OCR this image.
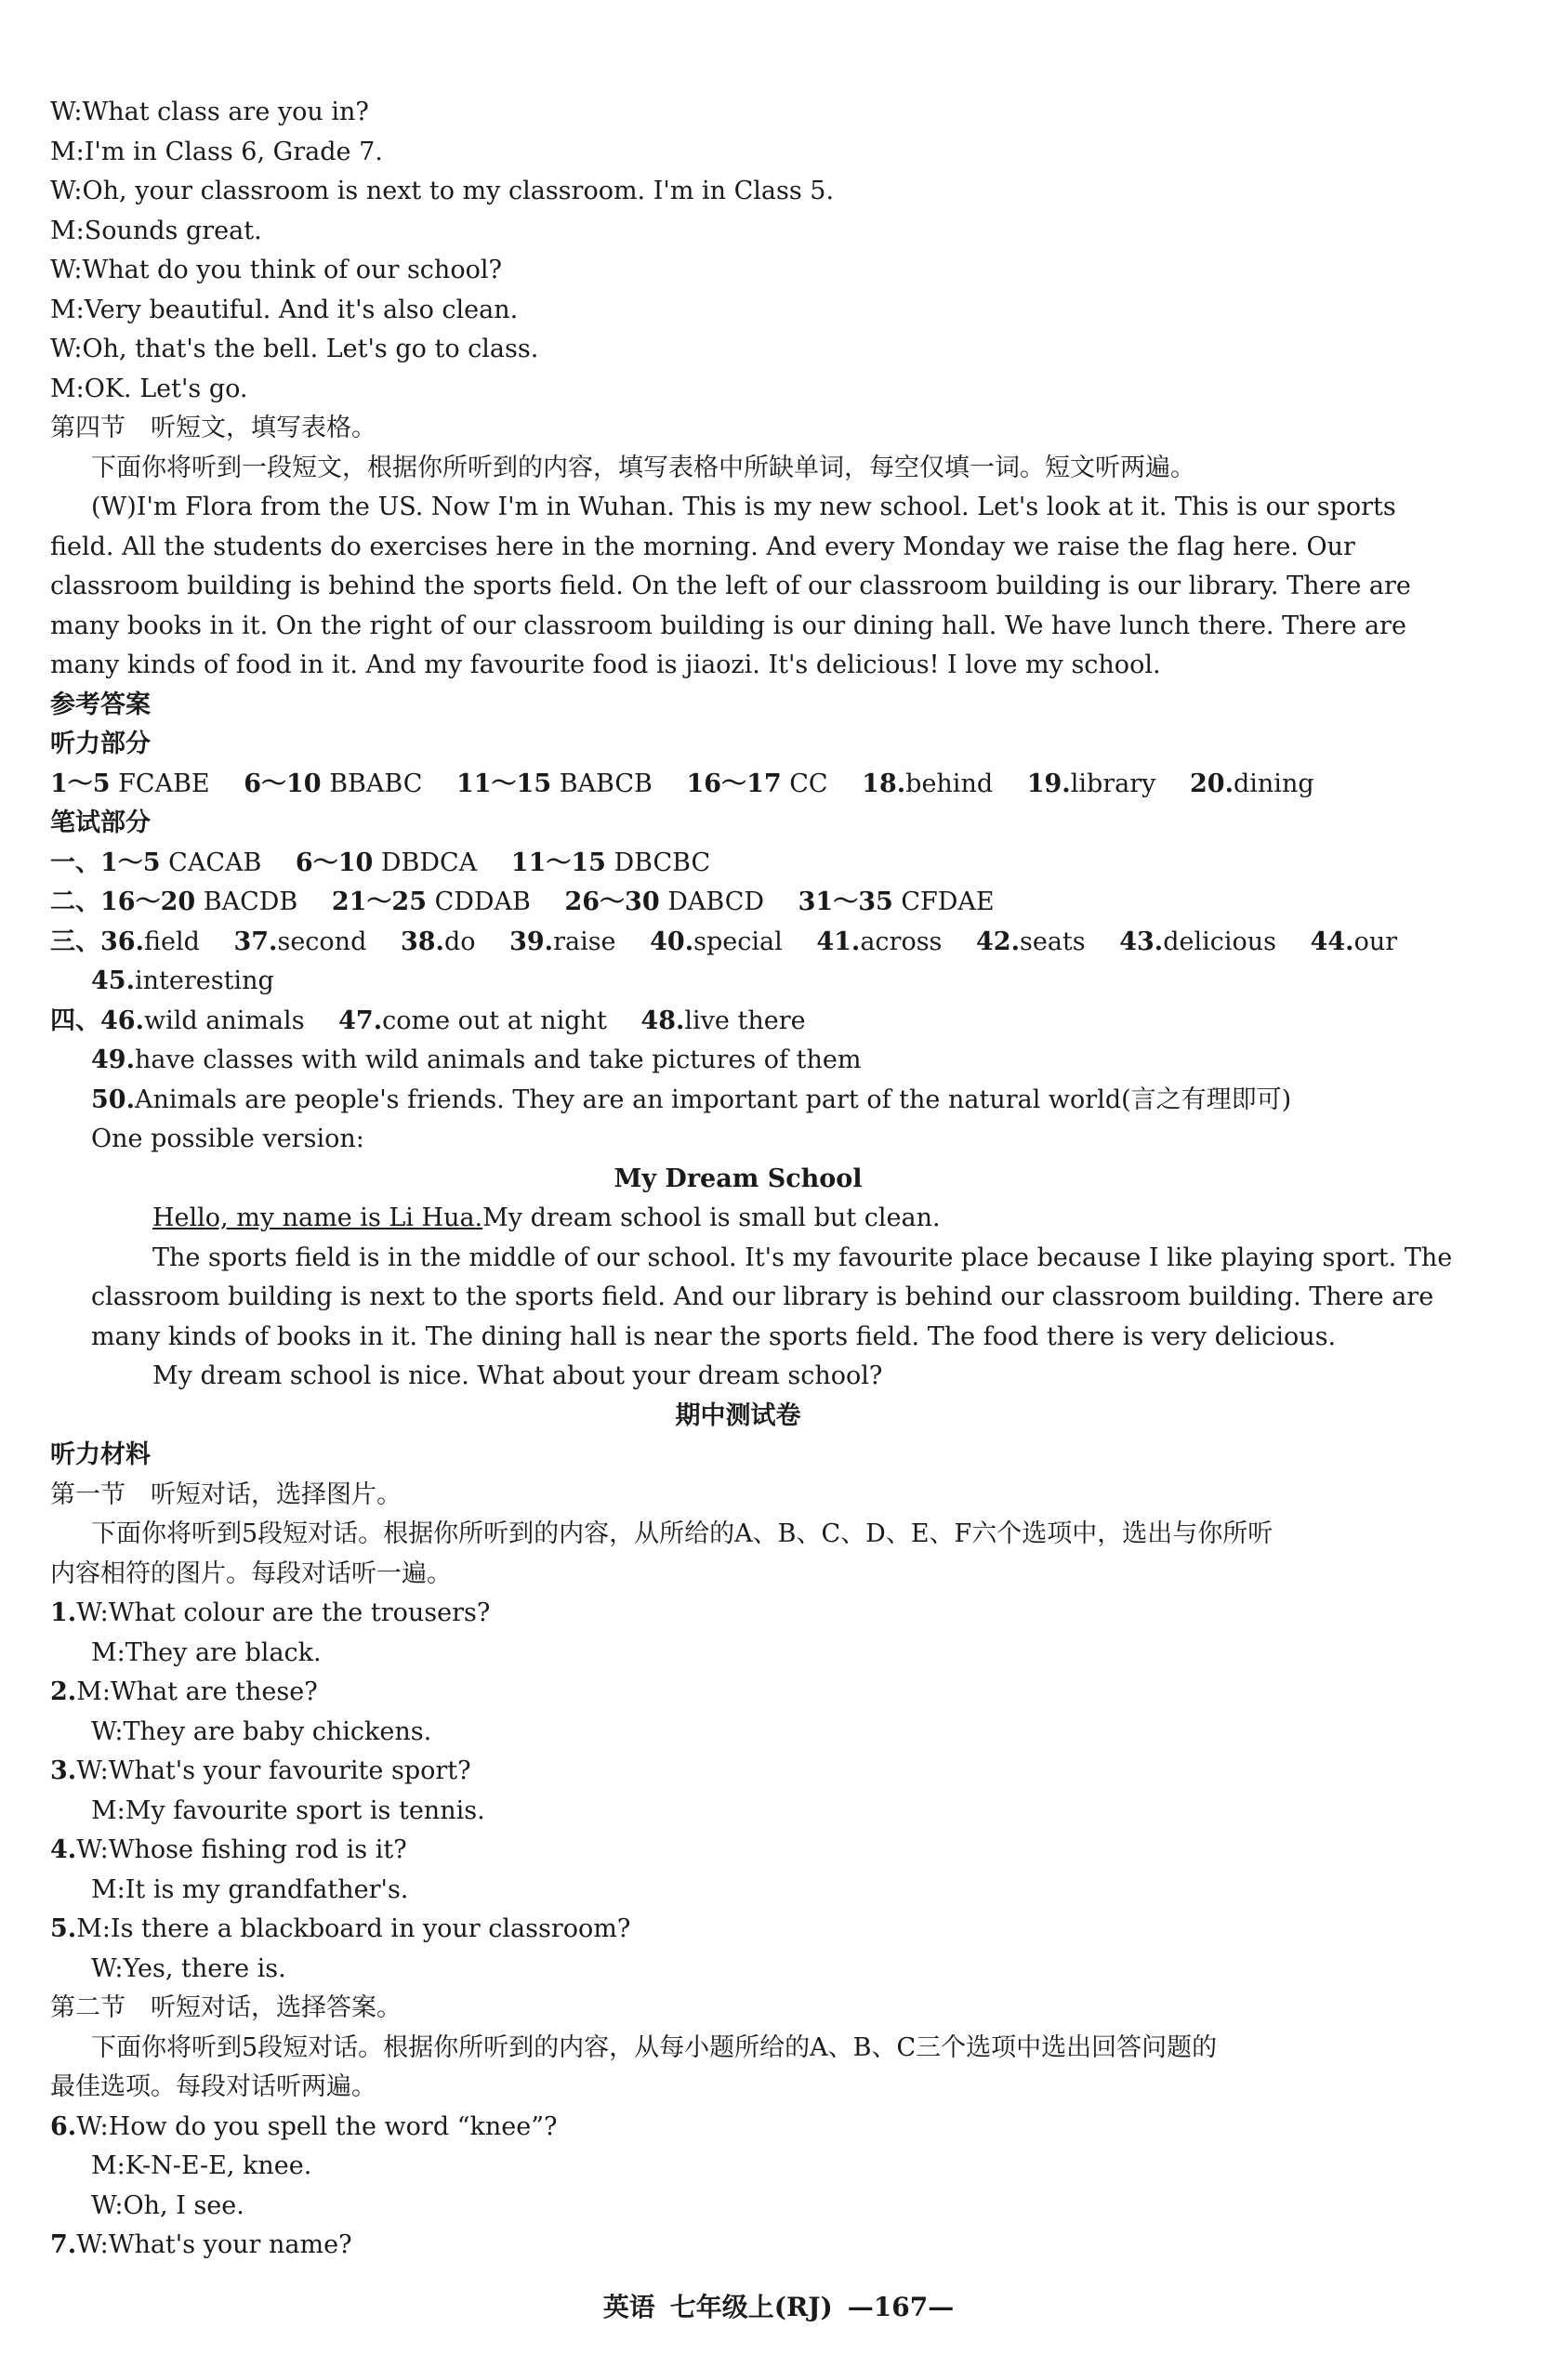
W:What class are you in?
M:I'm in Class 6, Grade 7.
W:Oh, your classroom is next to my classroom. I'm in Class 5.
M:Sounds great.
W:What do you think of our school?
M:Very beautiful. And it's also clean.
W:Oh, that's the bell. Let's go to class.
M:OK. Let's go.
第四节　听短文，填写表格。
下面你将听到一段短文，根据你所听到的内容，填写表格中所缺单词，每空仅填一词。短文听两遍。
(W)I'm Flora from the US. Now I'm in Wuhan. This is my new school. Let's look at it. This is our sports
field. All the students do exercises here in the morning. And every Monday we raise the flag here. Our
classroom building is behind the sports field. On the left of our classroom building is our library. There are
many books in it. On the right of our classroom building is our dining hall. We have lunch there. There are
many kinds of food in it. And my favourite food is jiaozi. It's delicious! I love my school.
参考答案
听力部分
1～5 FCABE 6～10 BBABC 11～15 BABCB 16～17 CC 18.behind 19.library 20.dining
笔试部分
一、1～5 CACAB 6～10 DBDCA 11～15 DBCBC
二、16～20 BACDB 21～25 CDDAB 26～30 DABCD 31～35 CFDAE
三、36.field 37.second 38.do 39.raise 40.special 41.across 42.seats 43.delicious 44.our
45.interesting
四、46.wild animals 47.come out at night 48.live there
49.have classes with wild animals and take pictures of them
50.Animals are people's friends. They are an important part of the natural world(言之有理即可)
One possible version:
My Dream School
Hello, my name is Li Hua.My dream school is small but clean.
The sports field is in the middle of our school. It's my favourite place because I like playing sport. The
classroom building is next to the sports field. And our library is behind our classroom building. There are
many kinds of books in it. The dining hall is near the sports field. The food there is very delicious.
My dream school is nice. What about your dream school?
期中测试卷
听力材料
第一节　听短对话，选择图片。
下面你将听到5段短对话。根据你所听到的内容，从所给的A、B、C、D、E、F六个选项中，选出与你所听
内容相符的图片。每段对话听一遍。
1.W:What colour are the trousers?
M:They are black.
2.M:What are these?
W:They are baby chickens.
3.W:What's your favourite sport?
M:My favourite sport is tennis.
4.W:Whose fishing rod is it?
M:It is my grandfather's.
5.M:Is there a blackboard in your classroom?
W:Yes, there is.
第二节　听短对话，选择答案。
下面你将听到5段短对话。根据你所听到的内容，从每小题所给的A、B、C三个选项中选出回答问题的
最佳选项。每段对话听两遍。
6.W:How do you spell the word “knee”?
M:K-N-E-E, knee.
W:Oh, I see.
7.W:What's your name?
英语 七年级上(RJ) —167—
